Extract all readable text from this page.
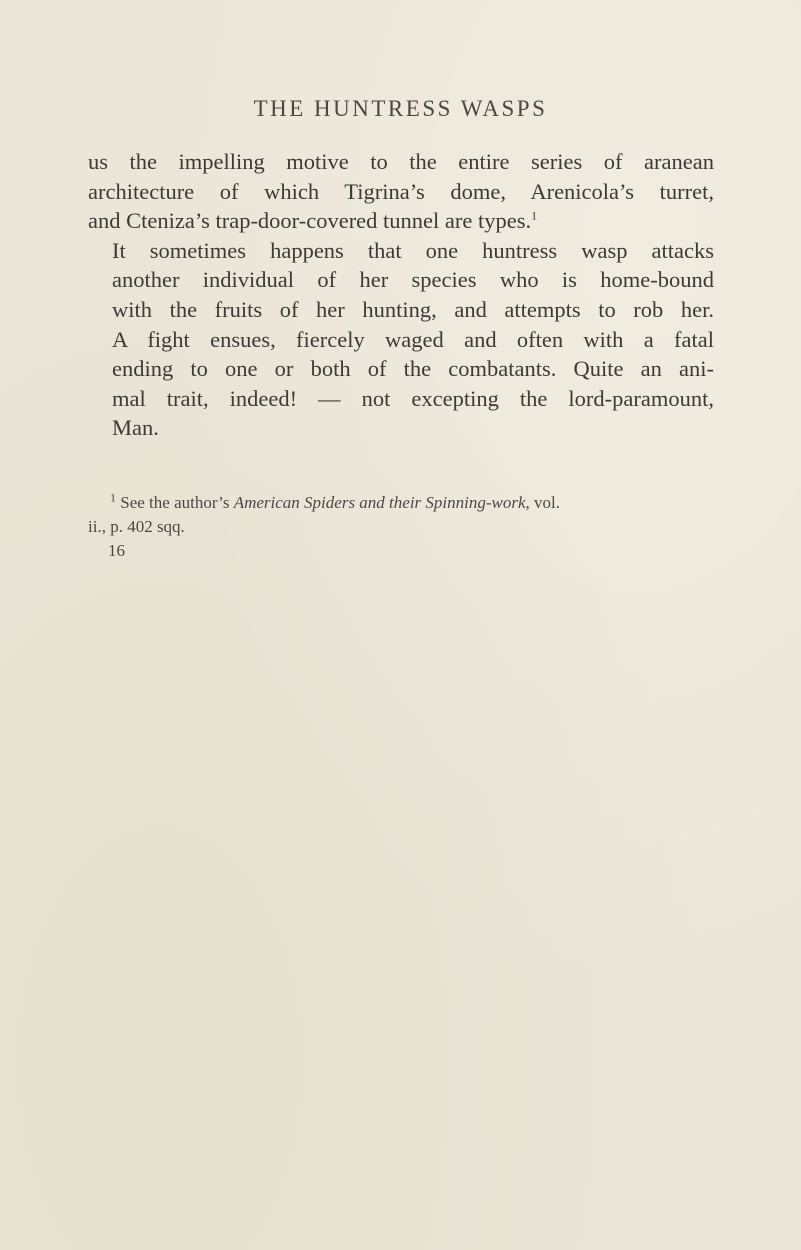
THE HUNTRESS WASPS

us the impelling motive to the entire series of aranean
architecture of which Tigrina’s dome, Arenicola’s turret,
and Cteniza’s trap-door-covered tunnel are types.$^1$

It sometimes happens that one huntress wasp attacks
another individual of her species who is home-bound
with the fruits of her hunting, and attempts to rob her.
A fight ensues, fiercely waged and often with a fatal
ending to one or both of the combatants. Quite an ani-
mal trait, indeed! — not excepting the lord-paramount,
Man.

$^1$ See the author’s American Spiders and their Spinning-work, vol.
ii., p. 402 sqq.
16
